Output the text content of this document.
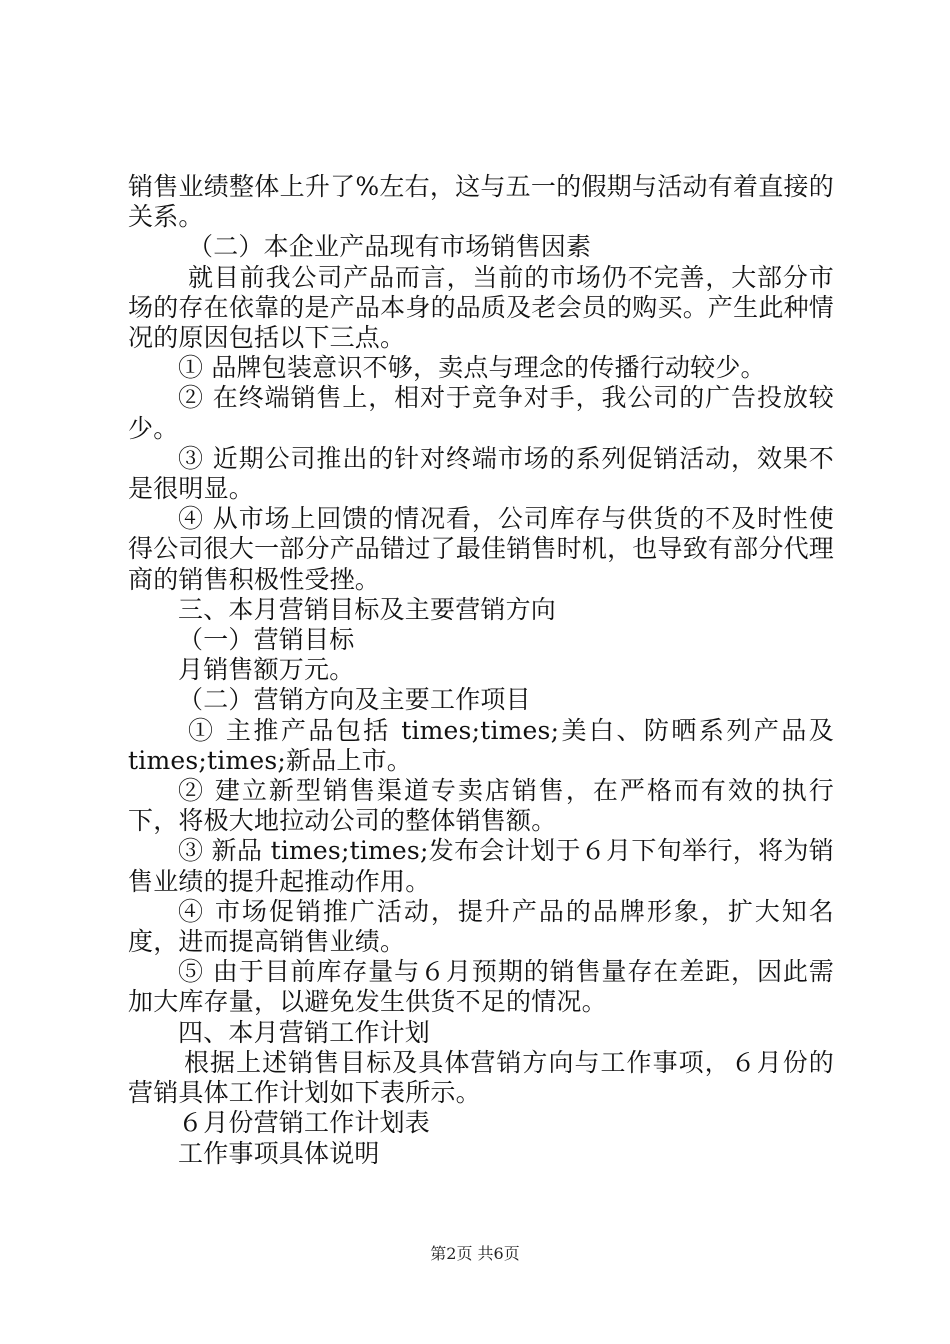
销售业绩整体上升了%左右，这与五一的假期与活动有着直接的关系。

（二）本企业产品现有市场销售因素

就目前我公司产品而言，当前的市场仍不完善，大部分市场的存在依靠的是产品本身的品质及老会员的购买。产生此种情况的原因包括以下三点。

① 品牌包装意识不够，卖点与理念的传播行动较少。

② 在终端销售上，相对于竞争对手，我公司的广告投放较少。

③ 近期公司推出的针对终端市场的系列促销活动，效果不是很明显。

④ 从市场上回馈的情况看，公司库存与供货的不及时性使得公司很大一部分产品错过了最佳销售时机，也导致有部分代理商的销售积极性受挫。

三、本月营销目标及主要营销方向

（一）营销目标

月销售额万元。

（二）营销方向及主要工作项目

① 主推产品包括 times;times;美白、防晒系列产品及times;times;新品上市。

② 建立新型销售渠道专卖店销售，在严格而有效的执行下，将极大地拉动公司的整体销售额。

③ 新品 times;times;发布会计划于６月下旬举行，将为销售业绩的提升起推动作用。

④ 市场促销推广活动，提升产品的品牌形象，扩大知名度，进而提高销售业绩。

⑤ 由于目前库存量与６月预期的销售量存在差距，因此需加大库存量，以避免发生供货不足的情况。

四、本月营销工作计划

根据上述销售目标及具体营销方向与工作事项，６月份的营销具体工作计划如下表所示。

６月份营销工作计划表

工作事项具体说明

第2页 共6页
